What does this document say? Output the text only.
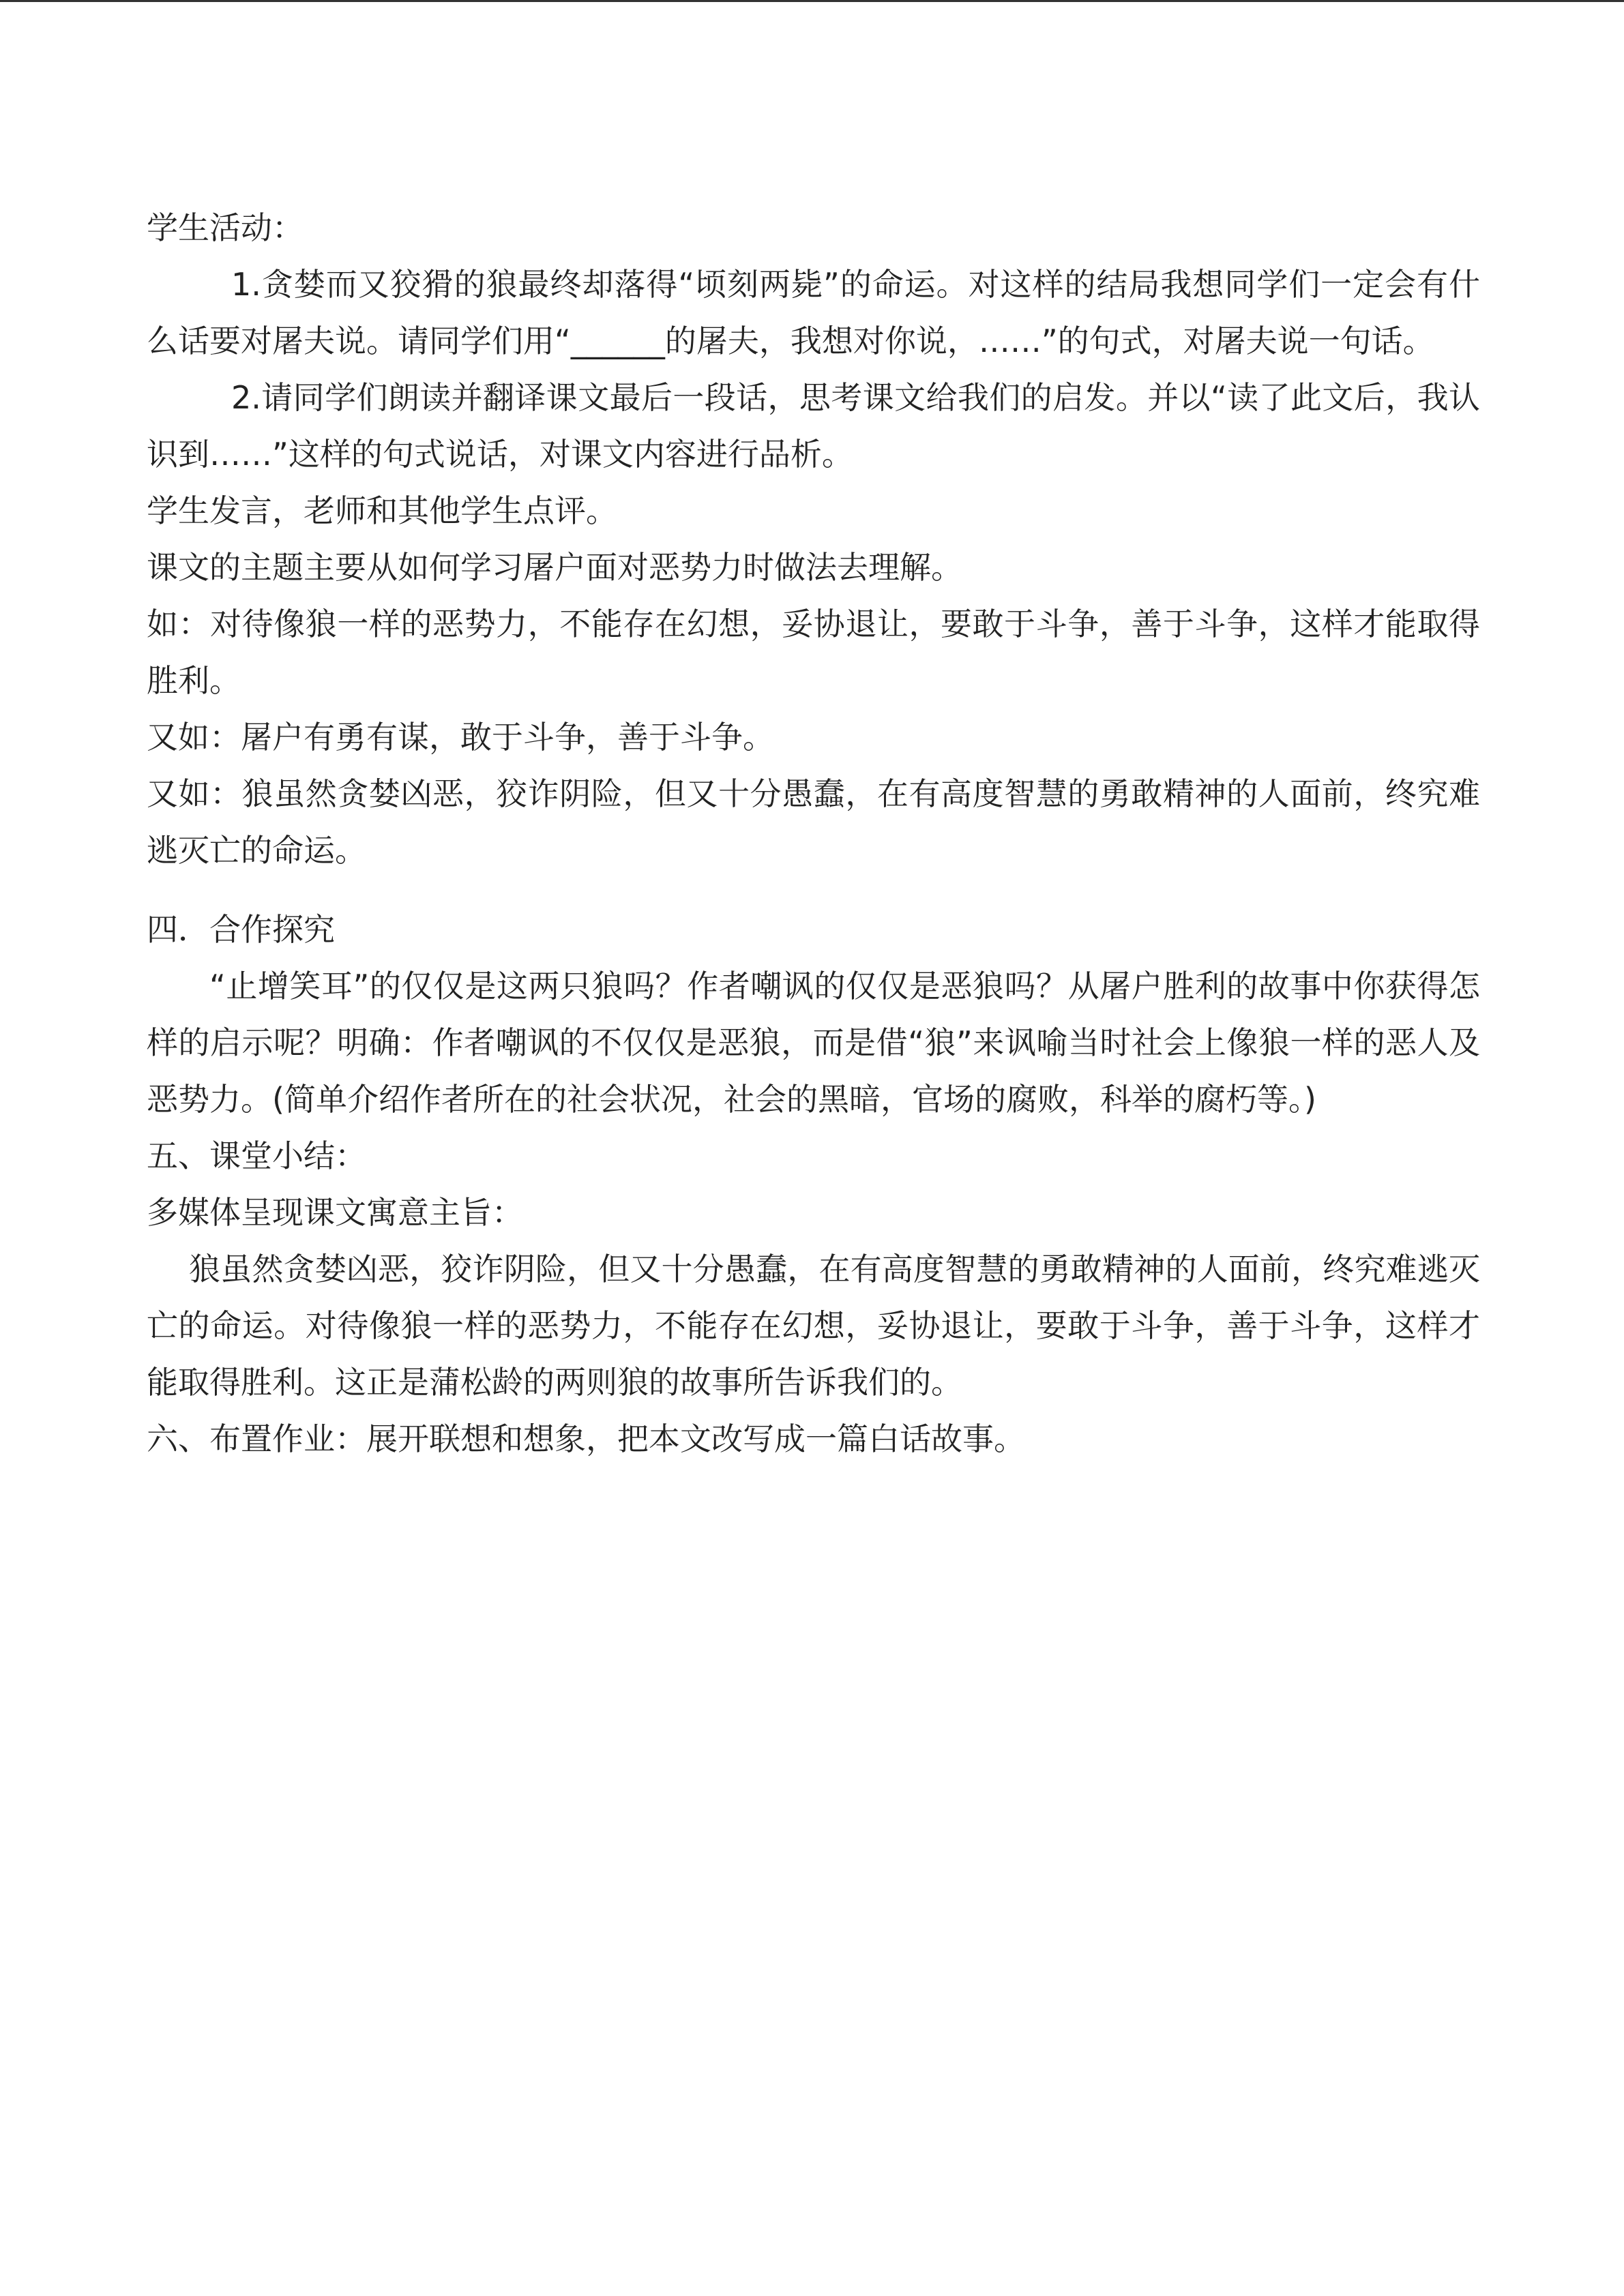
学生活动：

1.贪婪而又狡猾的狼最终却落得“顷刻两毙”的命运。对这样的结局我想同学们一定会有什么话要对屠夫说。请同学们用“______的屠夫，我想对你说，……”的句式，对屠夫说一句话。

2.请同学们朗读并翻译课文最后一段话，思考课文给我们的启发。并以“读了此文后，我认识到……”这样的句式说话，对课文内容进行品析。

学生发言，老师和其他学生点评。

课文的主题主要从如何学习屠户面对恶势力时做法去理解。

如：对待像狼一样的恶势力，不能存在幻想，妥协退让，要敢于斗争，善于斗争，这样才能取得胜利。

又如：屠户有勇有谋，敢于斗争，善于斗争。

又如：狼虽然贪婪凶恶，狡诈阴险，但又十分愚蠢，在有高度智慧的勇敢精神的人面前，终究难逃灭亡的命运。

四．合作探究

“止增笑耳”的仅仅是这两只狼吗？作者嘲讽的仅仅是恶狼吗？从屠户胜利的故事中你获得怎样的启示呢？明确：作者嘲讽的不仅仅是恶狼，而是借“狼”来讽喻当时社会上像狼一样的恶人及恶势力。(简单介绍作者所在的社会状况，社会的黑暗，官场的腐败，科举的腐朽等。)

五、课堂小结：

多媒体呈现课文寓意主旨：

狼虽然贪婪凶恶，狡诈阴险，但又十分愚蠢，在有高度智慧的勇敢精神的人面前，终究难逃灭亡的命运。对待像狼一样的恶势力，不能存在幻想，妥协退让，要敢于斗争，善于斗争，这样才能取得胜利。这正是蒲松龄的两则狼的故事所告诉我们的。

六、布置作业：展开联想和想象，把本文改写成一篇白话故事。
